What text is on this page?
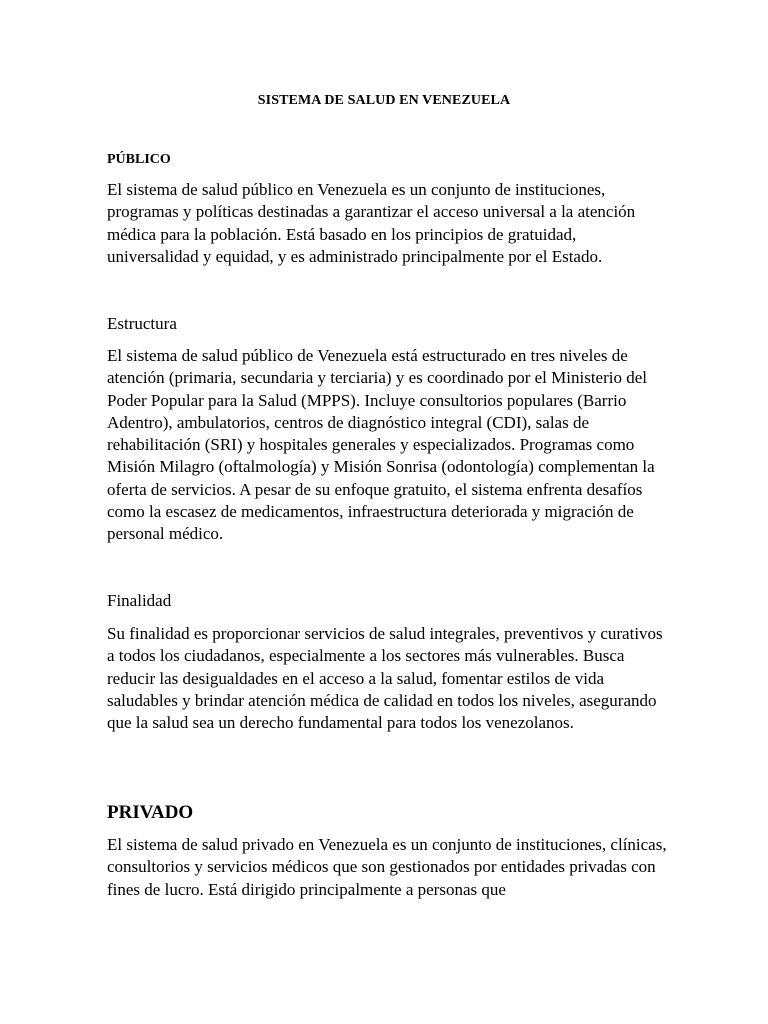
SISTEMA DE SALUD EN VENEZUELA
PÚBLICO

El sistema de salud público en Venezuela es un conjunto de instituciones, programas y políticas destinadas a garantizar el acceso universal a la atención médica para la población. Está basado en los principios de gratuidad, universalidad y equidad, y es administrado principalmente por el Estado.

Estructura

El sistema de salud público de Venezuela está estructurado en tres niveles de atención (primaria, secundaria y terciaria) y es coordinado por el Ministerio del Poder Popular para la Salud (MPPS). Incluye consultorios populares (Barrio Adentro), ambulatorios, centros de diagnóstico integral (CDI), salas de rehabilitación (SRI) y hospitales generales y especializados. Programas como Misión Milagro (oftalmología) y Misión Sonrisa (odontología) complementan la oferta de servicios. A pesar de su enfoque gratuito, el sistema enfrenta desafíos como la escasez de medicamentos, infraestructura deteriorada y migración de personal médico.

Finalidad

Su finalidad es proporcionar servicios de salud integrales, preventivos y curativos a todos los ciudadanos, especialmente a los sectores más vulnerables. Busca reducir las desigualdades en el acceso a la salud, fomentar estilos de vida saludables y brindar atención médica de calidad en todos los niveles, asegurando que la salud sea un derecho fundamental para todos los venezolanos.

PRIVADO

El sistema de salud privado en Venezuela es un conjunto de instituciones, clínicas, consultorios y servicios médicos que son gestionados por entidades privadas con fines de lucro. Está dirigido principalmente a personas que
